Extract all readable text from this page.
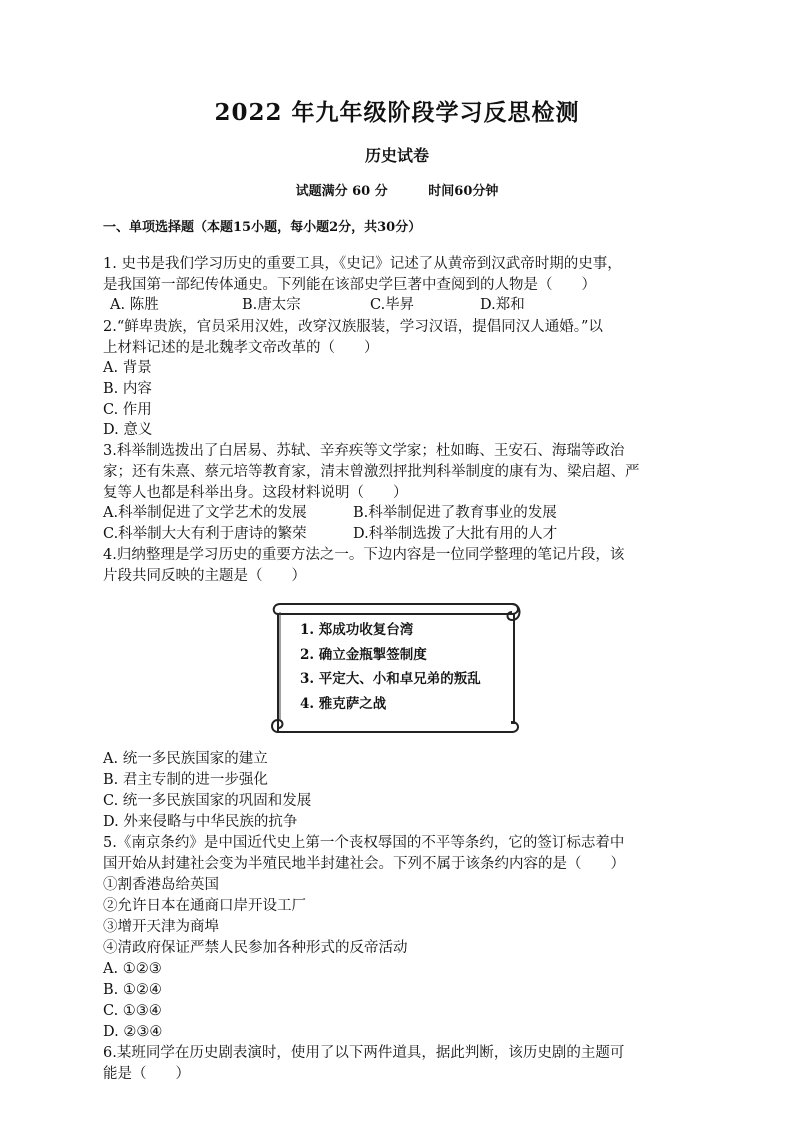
2022 年九年级阶段学习反思检测
历史试卷
试题满分 60 分	时间60分钟
一、单项选择题（本题15小题，每小题2分，共30分）
1. 史书是我们学习历史的重要工具，《史记》记述了从黄帝到汉武帝时期的史事，
是我国第一部纪传体通史。下列能在该部史学巨著中查阅到的人物是（　　）
A. 陈胜	B.唐太宗	C.毕昇	D.郑和
2.“鲜卑贵族，官员采用汉姓，改穿汉族服装，学习汉语，提倡同汉人通婚。”以
上材料记述的是北魏孝文帝改革的（　　）
A. 背景
B. 内容
C. 作用
D. 意义
3.科举制选拨出了白居易、苏轼、辛弃疾等文学家；杜如晦、王安石、海瑞等政治
家；还有朱熹、蔡元培等教育家，清末曾激烈抨批判科举制度的康有为、梁启超、严
复等人也都是科举出身。这段材料说明（　　）
A.科举制促进了文学艺术的发展	B.科举制促进了教育事业的发展
C.科举制大大有利于唐诗的繁荣	D.科举制选拨了大批有用的人才
4.归纳整理是学习历史的重要方法之一。下边内容是一位同学整理的笔记片段，该
片段共同反映的主题是（　　）
1. 郑成功收复台湾
2. 确立金瓶掣签制度
3. 平定大、小和卓兄弟的叛乱
4. 雅克萨之战
A. 统一多民族国家的建立
B. 君主专制的进一步强化
C. 统一多民族国家的巩固和发展
D. 外来侵略与中华民族的抗争
5.《南京条约》是中国近代史上第一个丧权辱国的不平等条约，它的签订标志着中
国开始从封建社会变为半殖民地半封建社会。下列不属于该条约内容的是（　　）
①割香港岛给英国
②允许日本在通商口岸开设工厂
③增开天津为商埠
④清政府保证严禁人民参加各种形式的反帝活动
A. ①②③
B. ①②④
C. ①③④
D. ②③④
6.某班同学在历史剧表演时，使用了以下两件道具，据此判断，该历史剧的主题可
能是（　　）
